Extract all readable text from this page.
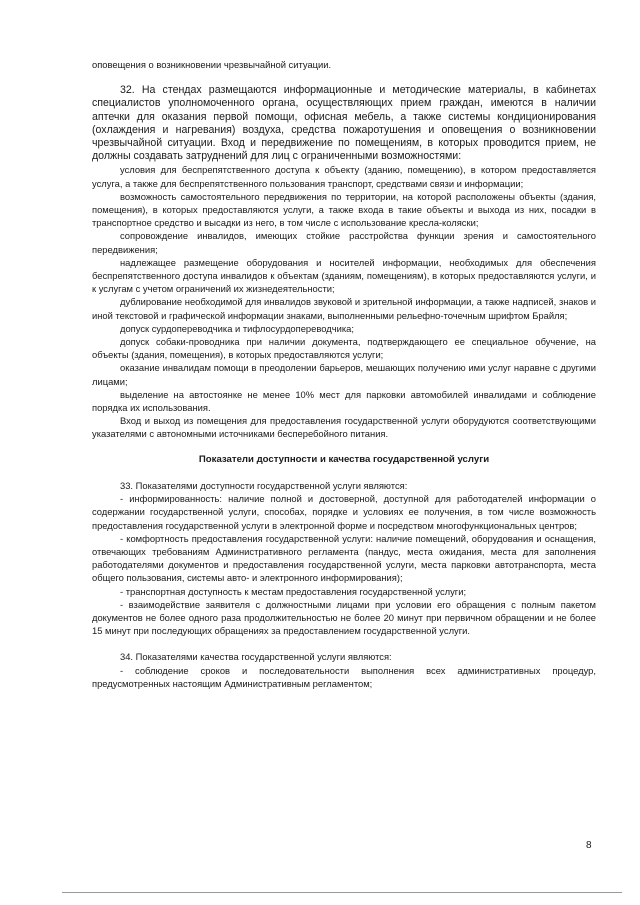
оповещения о возникновении чрезвычайной ситуации.

32. На стендах размещаются информационные и методические материалы, в кабинетах специалистов уполномоченного органа, осуществляющих прием граждан, имеются в наличии аптечки для оказания первой помощи, офисная мебель, а также системы кондиционирования (охлаждения и нагревания) воздуха, средства пожаротушения и оповещения о возникновении чрезвычайной ситуации. Вход и передвижение по помещениям, в которых проводится прием, не должны создавать затруднений для лиц с ограниченными возможностями:

условия для беспрепятственного доступа к объекту (зданию, помещению), в котором предоставляется услуга, а также для беспрепятственного пользования транспорт, средствами связи и информации;

возможность самостоятельного передвижения по территории, на которой расположены объекты (здания, помещения), в которых предоставляются услуги, а также входа в такие объекты и выхода из них, посадки в транспортное средство и высадки из него, в том числе с использование кресла-коляски;

сопровождение инвалидов, имеющих стойкие расстройства функции зрения и самостоятельного передвижения;

надлежащее размещение оборудования и носителей информации, необходимых для обеспечения беспрепятственного доступа инвалидов к объектам (зданиям, помещениям), в которых предоставляются услуги, и к услугам с учетом ограничений их жизнедеятельности;

дублирование необходимой для инвалидов звуковой и зрительной информации, а также надписей, знаков и иной текстовой и графической информации знаками, выполненными рельефно-точечным шрифтом Брайля;

допуск сурдопереводчика и тифлосурдопереводчика;

допуск собаки-проводника при наличии документа, подтверждающего ее специальное обучение, на объекты (здания, помещения), в которых предоставляются услуги;

оказание инвалидам помощи в преодолении барьеров, мешающих получению ими услуг наравне с другими лицами;

выделение на автостоянке не менее 10% мест для парковки автомобилей инвалидами и соблюдение порядка их использования.

Вход и выход из помещения для предоставления государственной услуги оборудуются соответствующими указателями с автономными источниками бесперебойного питания.

Показатели доступности и качества государственной услуги

33. Показателями доступности государственной услуги являются:

- информированность: наличие полной и достоверной, доступной для работодателей информации о содержании государственной услуги, способах, порядке и условиях ее получения, в том числе возможность предоставления государственной услуги в электронной форме и посредством многофункциональных центров;

- комфортность предоставления государственной услуги: наличие помещений, оборудования и оснащения, отвечающих требованиям Административного регламента (пандус, места ожидания, места для заполнения работодателями документов и предоставления государственной услуги, места парковки автотранспорта, места общего пользования, системы авто- и электронного информирования);

- транспортная доступность к местам предоставления государственной услуги;

- взаимодействие заявителя с должностными лицами при условии его обращения с полным пакетом документов не более одного раза продолжительностью не более 20 минут при первичном обращении и не более 15 минут при последующих обращениях за предоставлением государственной услуги.

34. Показателями качества государственной услуги являются:

- соблюдение сроков и последовательности выполнения всех административных процедур, предусмотренных настоящим Административным регламентом;

8
